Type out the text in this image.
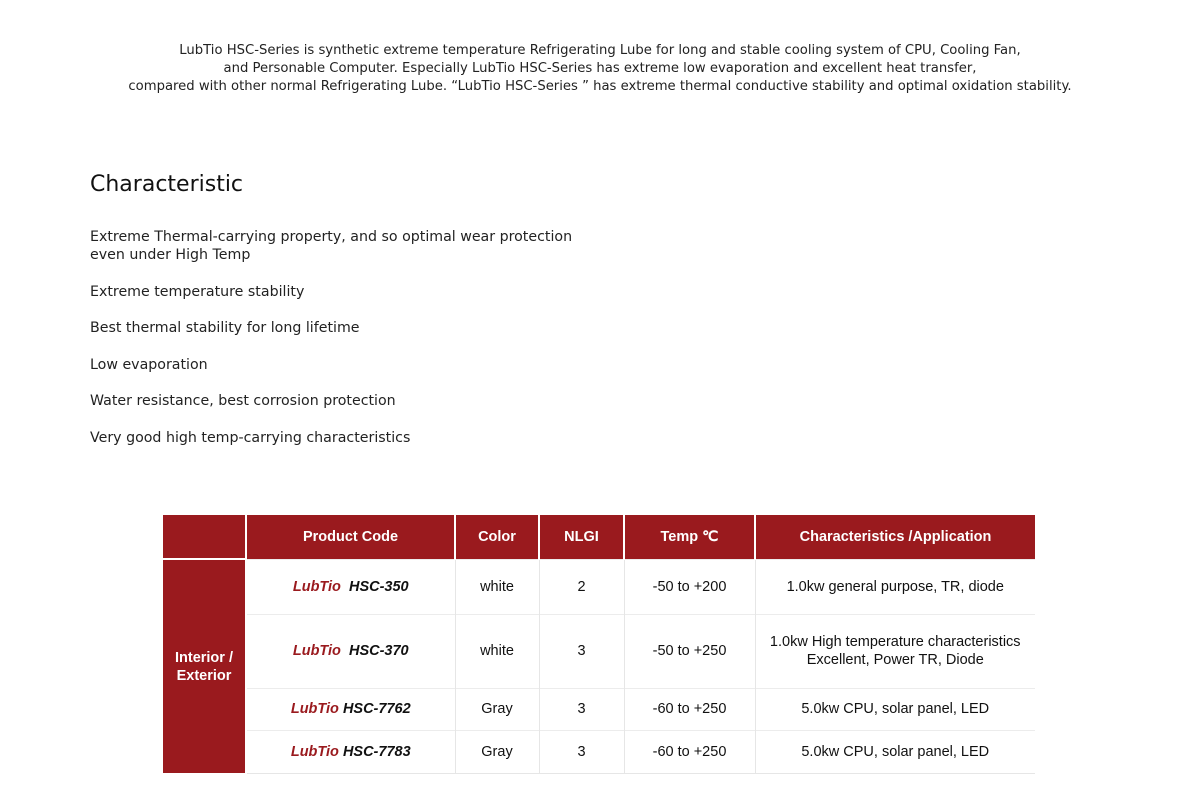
LubTio HSC-Series is synthetic extreme temperature Refrigerating Lube for long and stable cooling system of CPU, Cooling Fan,
and Personable Computer. Especially LubTio HSC-Series has extreme low evaporation and excellent heat transfer,
compared with other normal Refrigerating Lube. “LubTio HSC-Series ” has extreme thermal conductive stability and optimal oxidation stability.
Characteristic
Extreme Thermal-carrying property, and so optimal wear protection
even under High Temp
Extreme temperature stability
Best thermal stability for long lifetime
Low evaporation
Water resistance, best corrosion protection
Very good high temp-carrying characteristics
	Product Code	Color	NLGI	Temp ℃	Characteristics /Application

Interior /
Exterior	LubTio HSC-350	white	2	-50 to +200	1.0kw general purpose, TR, diode

	LubTio HSC-370	white	3	-50 to +250	1.0kw High temperature characteristics
Excellent, Power TR, Diode

	LubTio HSC-7762	Gray	3	-60 to +250	5.0kw CPU, solar panel, LED

	LubTio HSC-7783	Gray	3	-60 to +250	5.0kw CPU, solar panel, LED
